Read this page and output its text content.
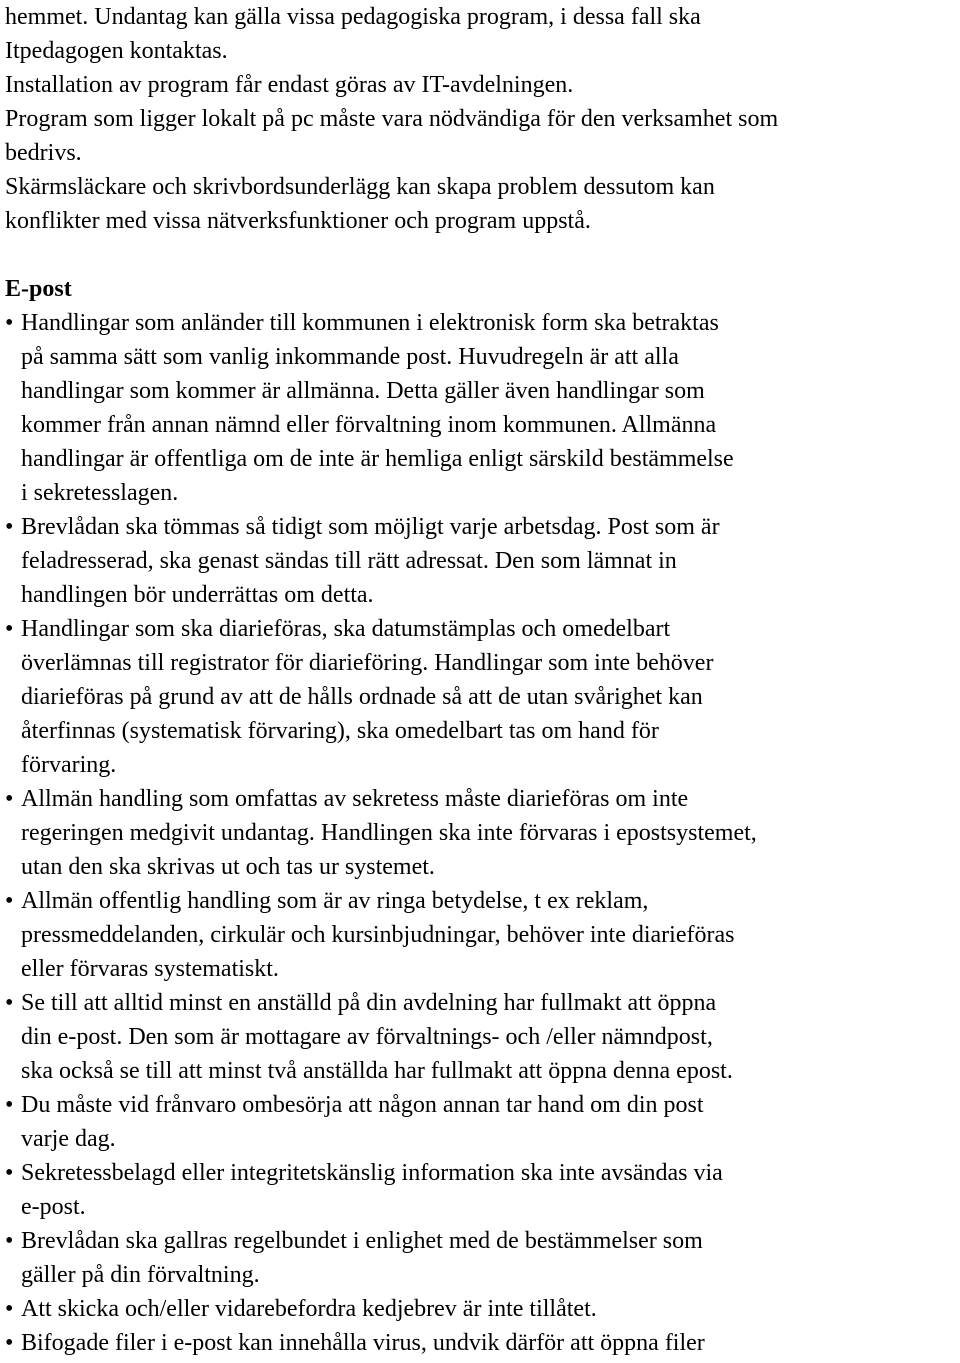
hemmet. Undantag kan gälla vissa pedagogiska program, i dessa fall ska
Itpedagogen kontaktas.

Installation av program får endast göras av IT-avdelningen.

Program som ligger lokalt på pc måste vara nödvändiga för den verksamhet som
bedrivs.

Skärmsläckare och skrivbordsunderlägg kan skapa problem dessutom kan
konflikter med vissa nätverksfunktioner och program uppstå.

E-post
• Handlingar som anländer till kommunen i elektronisk form ska betraktas
på samma sätt som vanlig inkommande post. Huvudregeln är att alla
handlingar som kommer är allmänna. Detta gäller även handlingar som
kommer från annan nämnd eller förvaltning inom kommunen. Allmänna
handlingar är offentliga om de inte är hemliga enligt särskild bestämmelse
i sekretesslagen.
• Brevlådan ska tömmas så tidigt som möjligt varje arbetsdag. Post som är
feladresserad, ska genast sändas till rätt adressat. Den som lämnat in
handlingen bör underrättas om detta.
• Handlingar som ska diarieföras, ska datumstämplas och omedelbart
överlämnas till registrator för diarieföring. Handlingar som inte behöver
diarieföras på grund av att de hålls ordnade så att de utan svårighet kan
återfinnas (systematisk förvaring), ska omedelbart tas om hand för
förvaring.
• Allmän handling som omfattas av sekretess måste diarieföras om inte
regeringen medgivit undantag. Handlingen ska inte förvaras i epostsystemet,
utan den ska skrivas ut och tas ur systemet.
• Allmän offentlig handling som är av ringa betydelse, t ex reklam,
pressmeddelanden, cirkulär och kursinbjudningar, behöver inte diarieföras
eller förvaras systematiskt.
• Se till att alltid minst en anställd på din avdelning har fullmakt att öppna
din e-post. Den som är mottagare av förvaltnings- och /eller nämndpost,
ska också se till att minst två anställda har fullmakt att öppna denna epost.
• Du måste vid frånvaro ombesörja att någon annan tar hand om din post
varje dag.
• Sekretessbelagd eller integritetskänslig information ska inte avsändas via
e-post.
• Brevlådan ska gallras regelbundet i enlighet med de bestämmelser som
gäller på din förvaltning.
• Att skicka och/eller vidarebefordra kedjebrev är inte tillåtet.
• Bifogade filer i e-post kan innehålla virus, undvik därför att öppna filer
